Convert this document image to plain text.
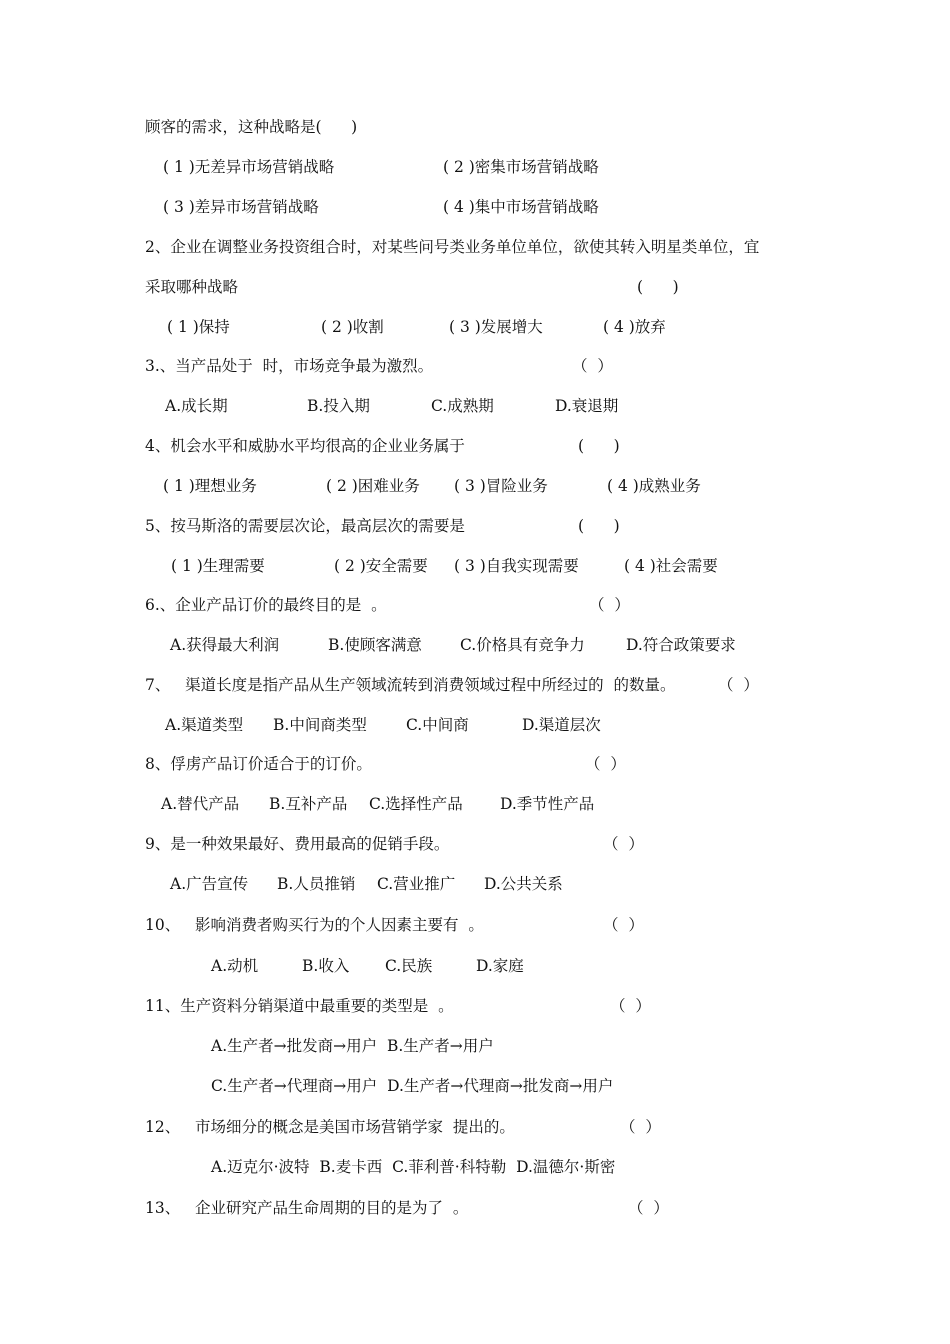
顾客的需求，这种战略是(      )
( 1 )无差异市场营销战略	( 2 )密集市场营销战略
( 3 )差异市场营销战略	( 4 )集中市场营销战略
2、企业在调整业务投资组合时，对某些问号类业务单位单位，欲使其转入明星类单位，宜
采取哪种战略	(      )
( 1 )保持	( 2 )收割	( 3 )发展增大	( 4 )放弃
3.、当产品处于  时，市场竞争最为激烈。	（  ）
A.成长期	B.投入期	C.成熟期	D.衰退期
4、机会水平和威胁水平均很高的企业业务属于	(      )
( 1 )理想业务	( 2 )困难业务 ( 3 )冒险业务	( 4 )成熟业务
5、按马斯洛的需要层次论，最高层次的需要是	(      )
( 1 )生理需要	( 2 )安全需要 ( 3 )自我实现需要	( 4 )社会需要
6.、企业产品订价的最终目的是  。	（  ）
A.获得最大利润	B.使顾客满意 C.价格具有竞争力	D.符合政策要求
7、   渠道长度是指产品从生产领域流转到消费领域过程中所经过的  的数量。	（  ）
A.渠道类型 B.中间商类型	C.中间商	D.渠道层次
8、俘虏产品订价适合于的订价。	（  ）
A.替代产品 B.互补产品 C.选择性产品 D.季节性产品
9、是一种效果最好、费用最高的促销手段。	（  ）
A.广告宣传 B.人员推销 C.营业推广 D.公共关系
10、   影响消费者购买行为的个人因素主要有  。	（  ）
A.动机	B.收入 C.民族	D.家庭
11、生产资料分销渠道中最重要的类型是  。	（  ）
A.生产者→批发商→用户  B.生产者→用户
C.生产者→代理商→用户  D.生产者→代理商→批发商→用户
12、   市场细分的概念是美国市场营销学家  提出的。	（  ）
A.迈克尔·波特  B.麦卡西  C.菲利普·科特勒  D.温德尔·斯密
13、   企业研究产品生命周期的目的是为了  。	（  ）
